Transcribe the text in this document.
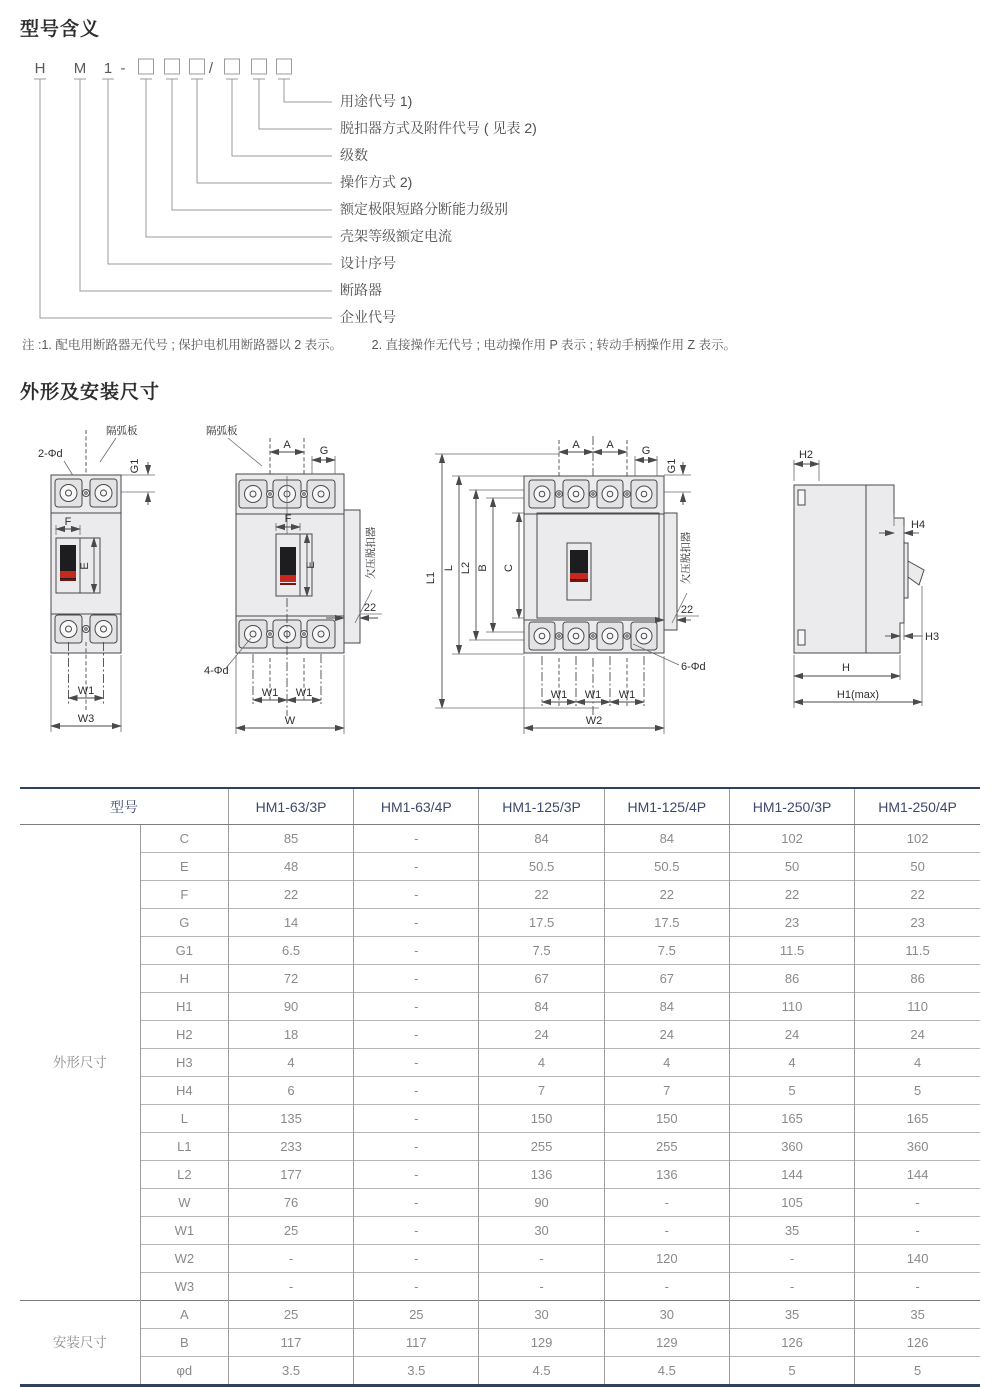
型号含义
H M 1 -	/
用途代号 1)
脱扣器方式及附件代号 ( 见表 2)
级数
操作方式 2)
额定极限短路分断能力级别
壳架等级额定电流
设计序号
断路器
企业代号
注 :1. 配电用断路器无代号 ; 保护电机用断路器以 2 表示。 2. 直接操作无代号 ; 电动操作用 P 表示 ; 转动手柄操作用 Z 表示。
外形及安装尺寸
隔弧板
2-Φd
G1
F
E
W1
W3

隔弧板
A	G
F
E	欠压脱扣器
22
4-Φd
W1 W1
W

A A	G
G1
L1
L L2 B C	欠压脱扣器
22
6-Φd
W1 W1 W1
W2

H2
H4
H3
H
H1(max)
型号		HM1-63/3P	HM1-63/4P	HM1-125/3P	HM1-125/4P	HM1-250/3P	HM1-250/4P
外形尺寸	C	85	-	84	84	102	102
	E	48	-	50.5	50.5	50	50
	F	22	-	22	22	22	22
	G	14	-	17.5	17.5	23	23
	G1	6.5	-	7.5	7.5	11.5	11.5
	H	72	-	67	67	86	86
	H1	90	-	84	84	110	110
	H2	18	-	24	24	24	24
	H3	4	-	4	4	4	4
	H4	6	-	7	7	5	5
	L	135	-	150	150	165	165
	L1	233	-	255	255	360	360
	L2	177	-	136	136	144	144
	W	76	-	90	-	105	-
	W1	25	-	30	-	35	-
	W2	-	-	-	120	-	140
	W3	-	-	-	-	-	-
安装尺寸	A	25	25	30	30	35	35
	B	117	117	129	129	126	126
	φd	3.5	3.5	4.5	4.5	5	5
